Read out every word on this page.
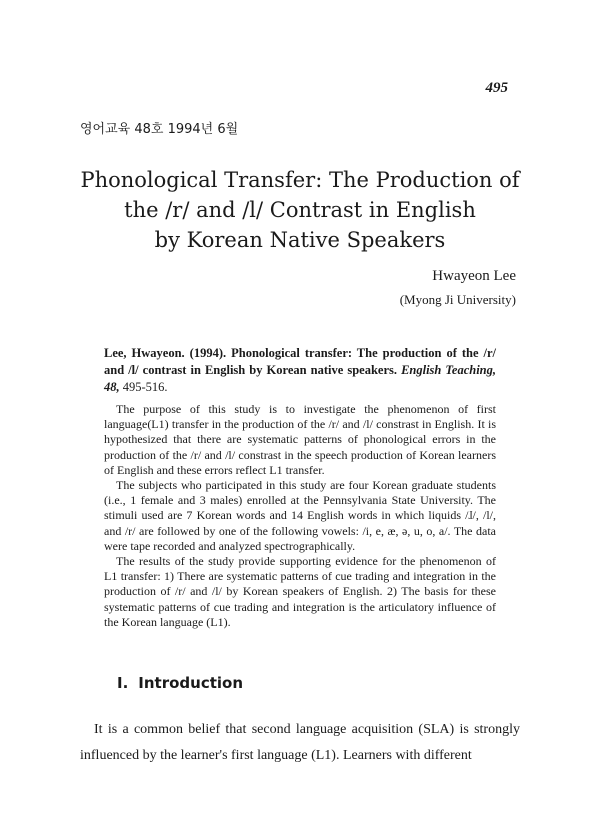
495
영어교육 48호 1994년 6월
Phonological Transfer: The Production of
the /r/ and /l/ Contrast in English
by Korean Native Speakers
Hwayeon Lee
(Myong Ji University)

Lee, Hwayeon. (1994). Phonological transfer: The production of the /r/ and /l/ contrast in English by Korean native speakers. English Teaching, 48, 495-516.

The purpose of this study is to investigate the phenomenon of first language(L1) transfer in the production of the /r/ and /l/ constrast in English. It is hypothesized that there are systematic patterns of phonological errors in the production of the /r/ and /l/ constrast in the speech production of Korean learners of English and these errors reflect L1 transfer.

The subjects who participated in this study are four Korean graduate students (i.e., 1 female and 3 males) enrolled at the Pennsylvania State University. The stimuli used are 7 Korean words and 14 English words in which liquids /ɺ/, /l/, and /r/ are followed by one of the following vowels: /i, e, æ, ə, u, o, a/. The data were tape recorded and analyzed spectrographically.

The results of the study provide supporting evidence for the phenomenon of L1 transfer: 1) There are systematic patterns of cue trading and integration in the production of /r/ and /l/ by Korean speakers of English. 2) The basis for these systematic patterns of cue trading and integration is the articulatory influence of the Korean language (L1).

I. Introduction

It is a common belief that second language acquisition (SLA) is strongly influenced by the learner's first language (L1). Learners with different
